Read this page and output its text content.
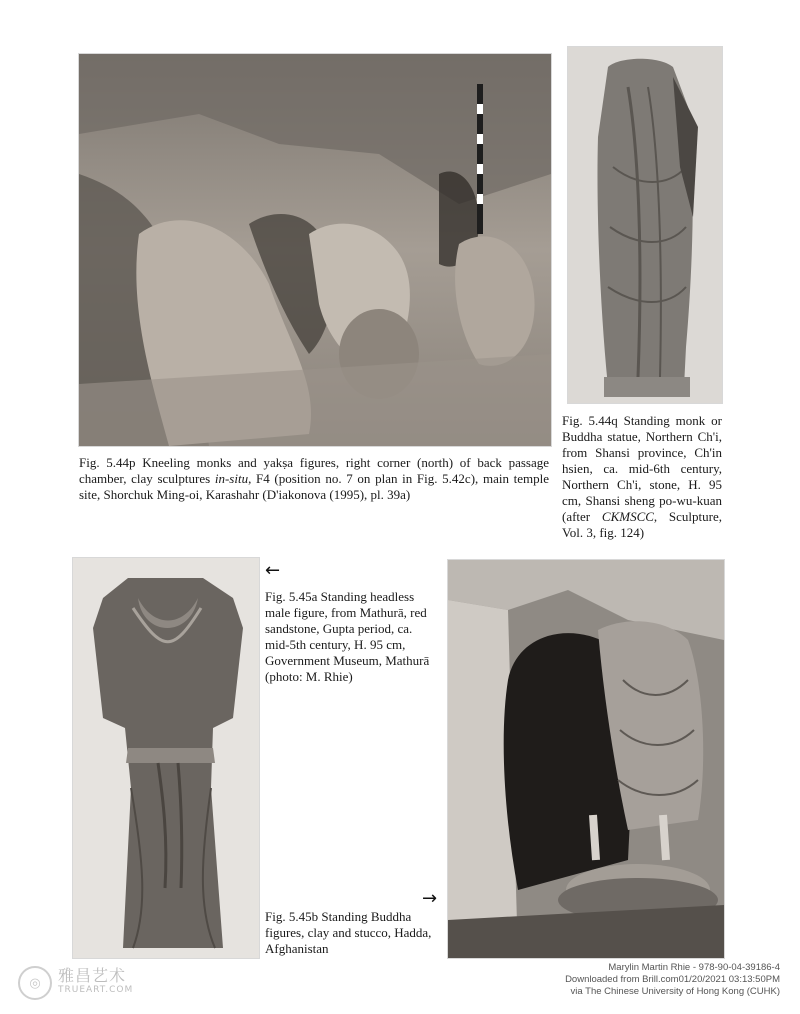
Fig. 5.44p Kneeling monks and yakṣa figures, right corner (north) of back passage chamber, clay sculptures in-situ, F4 (position no. 7 on plan in Fig. 5.42c), main temple site, Shorchuk Ming-oi, Karashahr (D'iakonova (1995), pl. 39a)
Fig. 5.44q Standing monk or Buddha statue, Northern Ch'i, from Shansi province, Ch'in hsien, ca. mid-6th century, Northern Ch'i, stone, H. 95 cm, Shansi sheng po-wu-kuan (after CKMSCC, Sculpture, Vol. 3, fig. 124)
←
Fig. 5.45a Standing headless male figure, from Mathurā, red sandstone, Gupta period, ca. mid-5th century, H. 95 cm, Government Museum, Mathurā (photo: M. Rhie)
→
Fig. 5.45b Standing Buddha figures, clay and stucco, Hadda, Afghanistan
◎	雅昌艺术
TRUEART.COM
Marylin Martin Rhie - 978-90-04-39186-4
Downloaded from Brill.com01/20/2021 03:13:50PM
via The Chinese University of Hong Kong (CUHK)
